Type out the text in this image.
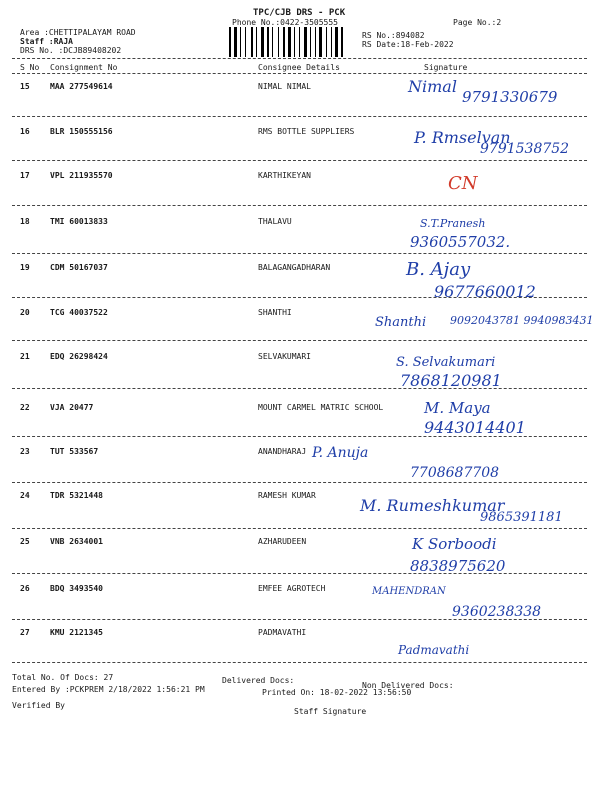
TPC/CJB DRS - PCK
Phone No.:0422-3505555	Page No.:2
Area :CHETTIPALAYAM ROAD
Staff :RAJA
DRS No. :DCJB89408202
RS No.:894082
RS Date:18-Feb-2022
S No Consignment No	Consignee Details	Signature
15	MAA 277549614	NIMAL NIMAL	Nimal
9791330679
16	BLR 150555156	RMS BOTTLE SUPPLIERS	P. Rmselvan
9791538752
17	VPL 211935570	KARTHIKEYAN	CN
18	TMI 60013833	THALAVU	S.T.Pranesh
9360557032.
19	CDM 50167037	BALAGANGADHARAN	B. Ajay
9677660012
20	TCG 40037522	SHANTHI
Shanthi 9092043781 9940983431
21	EDQ 26298424	SELVAKUMARI	S. Selvakumari
7868120981
22	VJA 20477	MOUNT CARMEL MATRIC SCHOOL	M. Maya
9443014401
23	TUT 533567	ANANDHARAJ P. Anuja
7708687708
24	TDR 5321448	RAMESH KUMAR
M. Rumeshkumar
9865391181
25	VNB 2634001	AZHARUDEEN	K Sorboodi
8838975620
26	BDQ 3493540	EMFEE AGROTECH	MAHENDRAN
9360238338
27	KMU 2121345	PADMAVATHI
Padmavathi
Total No. Of Docs: 27	Delivered Docs:
Non Delivered Docs:
Entered By :PCKPREM 2/18/2022 1:56:21 PM	Printed On: 18-02-2022 13:56:50
Verified By
Staff Signature
